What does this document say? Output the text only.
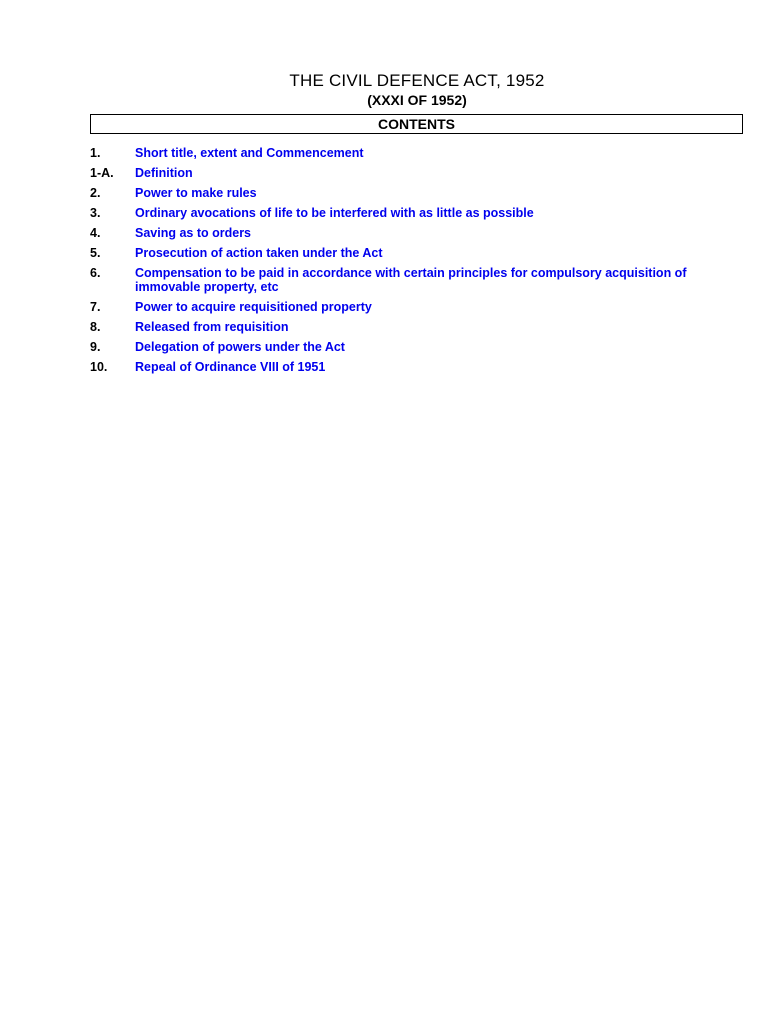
THE CIVIL DEFENCE ACT, 1952
(XXXI OF 1952)
CONTENTS
1.	Short title, extent and Commencement
1-A.	Definition
2.	Power to make rules
3.	Ordinary avocations of life to be interfered with as little as possible
4.	Saving as to orders
5.	Prosecution of action taken under the Act
6.	Compensation to be paid in accordance with certain principles for compulsory acquisition of immovable property, etc
7.	Power to acquire requisitioned property
8.	Released from requisition
9.	Delegation of powers under the Act
10.	Repeal of Ordinance VIII of 1951
